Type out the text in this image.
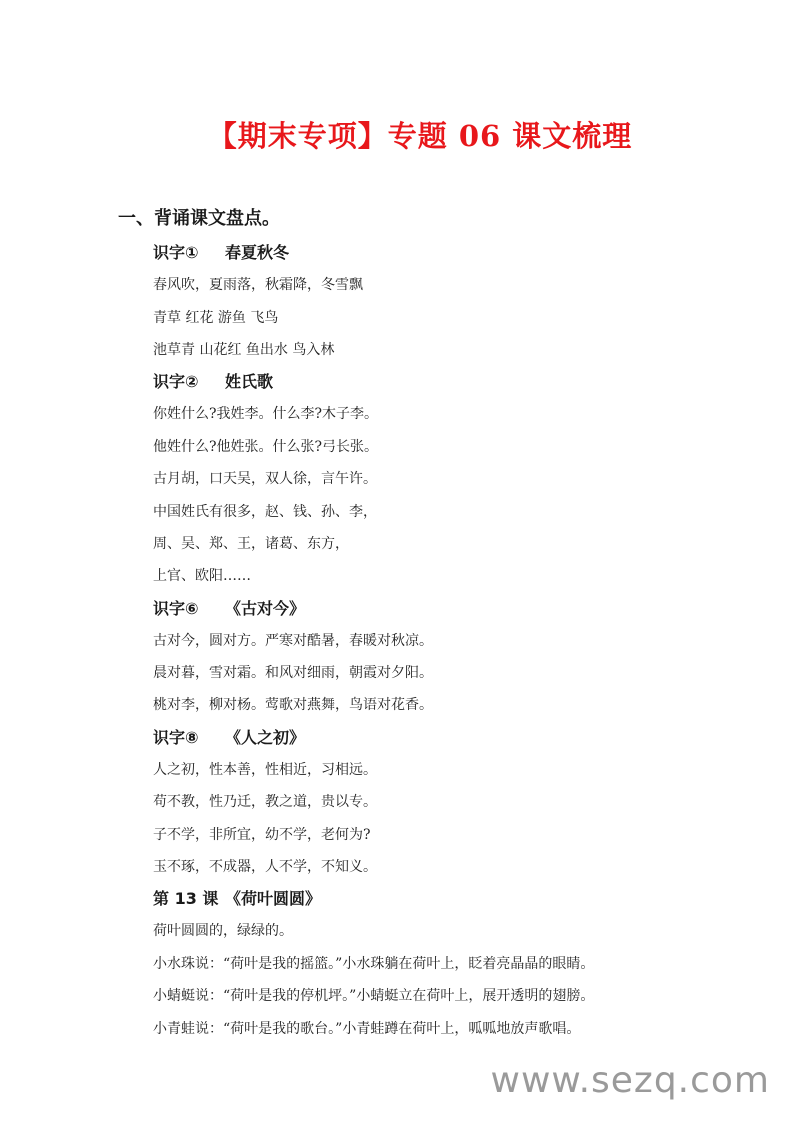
【期末专项】专题 06 课文梳理
一、背诵课文盘点。
识字①	春夏秋冬
春风吹，夏雨落，秋霜降，冬雪飘
青草 红花 游鱼 飞鸟
池草青 山花红 鱼出水 鸟入林
识字②	姓氏歌
你姓什么?我姓李。什么李?木子李。
他姓什么?他姓张。什么张?弓长张。
古月胡，口天吴，双人徐，言午许。
中国姓氏有很多，赵、钱、孙、李，
周、吴、郑、王，诸葛、东方，
上官、欧阳……
识字⑥	《古对今》
古对今，圆对方。严寒对酷暑，春暖对秋凉。
晨对暮，雪对霜。和风对细雨，朝霞对夕阳。
桃对李，柳对杨。莺歌对燕舞，鸟语对花香。
识字⑧	《人之初》
人之初，性本善，性相近，习相远。
苟不教，性乃迁，教之道，贵以专。
子不学，非所宜，幼不学，老何为?
玉不琢，不成器，人不学，不知义。
第 13 课 《荷叶圆圆》
荷叶圆圆的，绿绿的。
小水珠说：“荷叶是我的摇篮。”小水珠躺在荷叶上，眨着亮晶晶的眼睛。
小蜻蜓说：“荷叶是我的停机坪。”小蜻蜓立在荷叶上，展开透明的翅膀。
小青蛙说：“荷叶是我的歌台。”小青蛙蹲在荷叶上，呱呱地放声歌唱。
www.sezq.com
